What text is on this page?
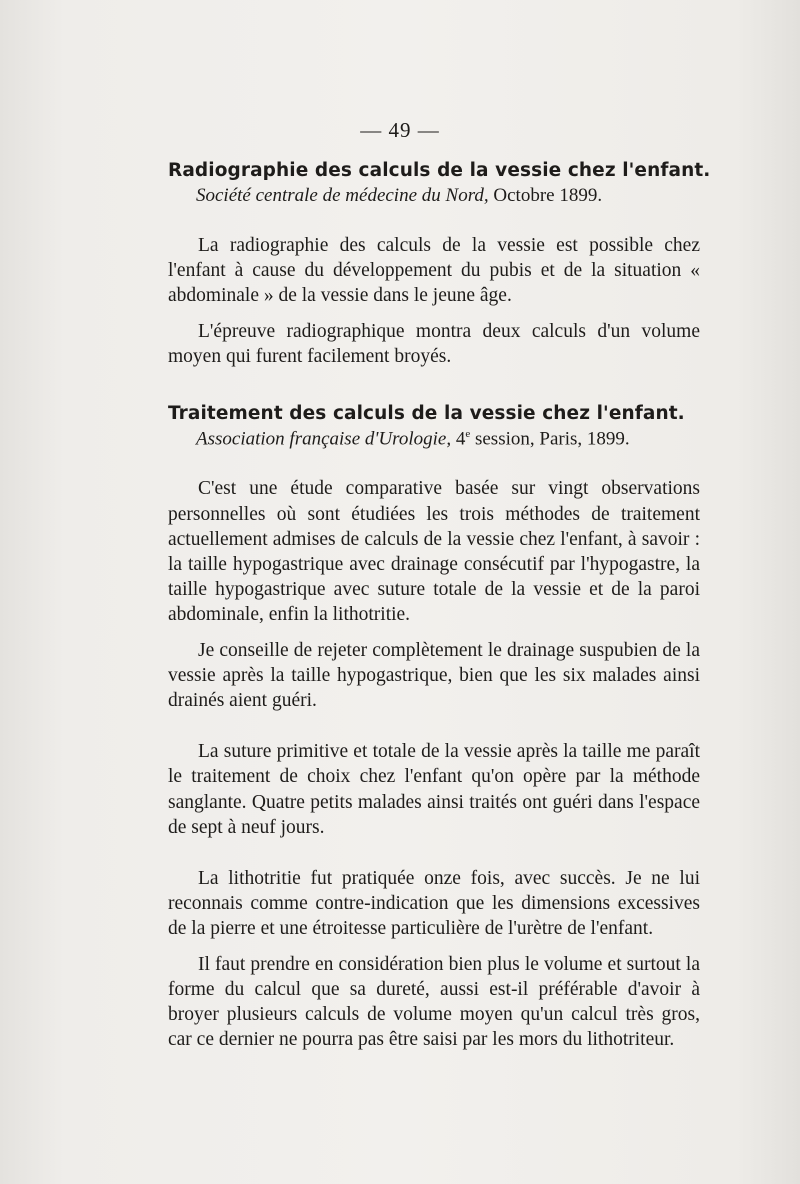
— 49 —
Radiographie des calculs de la vessie chez l'enfant.
Société centrale de médecine du Nord, Octobre 1899.

La radiographie des calculs de la vessie est possible chez l'enfant à cause du développement du pubis et de la situation « abdominale » de la vessie dans le jeune âge.

L'épreuve radiographique montra deux calculs d'un volume moyen qui furent facilement broyés.

Traitement des calculs de la vessie chez l'enfant.
Association française d'Urologie, 4e session, Paris, 1899.

C'est une étude comparative basée sur vingt observations personnelles où sont étudiées les trois méthodes de traitement actuellement admises de calculs de la vessie chez l'enfant, à savoir : la taille hypogastrique avec drainage consécutif par l'hypogastre, la taille hypogastrique avec suture totale de la vessie et de la paroi abdominale, enfin la lithotritie.

Je conseille de rejeter complètement le drainage suspubien de la vessie après la taille hypogastrique, bien que les six malades ainsi drainés aient guéri.

La suture primitive et totale de la vessie après la taille me paraît le traitement de choix chez l'enfant qu'on opère par la méthode sanglante. Quatre petits malades ainsi traités ont guéri dans l'espace de sept à neuf jours.

La lithotritie fut pratiquée onze fois, avec succès. Je ne lui reconnais comme contre-indication que les dimensions excessives de la pierre et une étroitesse particulière de l'urètre de l'enfant.

Il faut prendre en considération bien plus le volume et surtout la forme du calcul que sa dureté, aussi est-il préférable d'avoir à broyer plusieurs calculs de volume moyen qu'un calcul très gros, car ce dernier ne pourra pas être saisi par les mors du lithotriteur.
